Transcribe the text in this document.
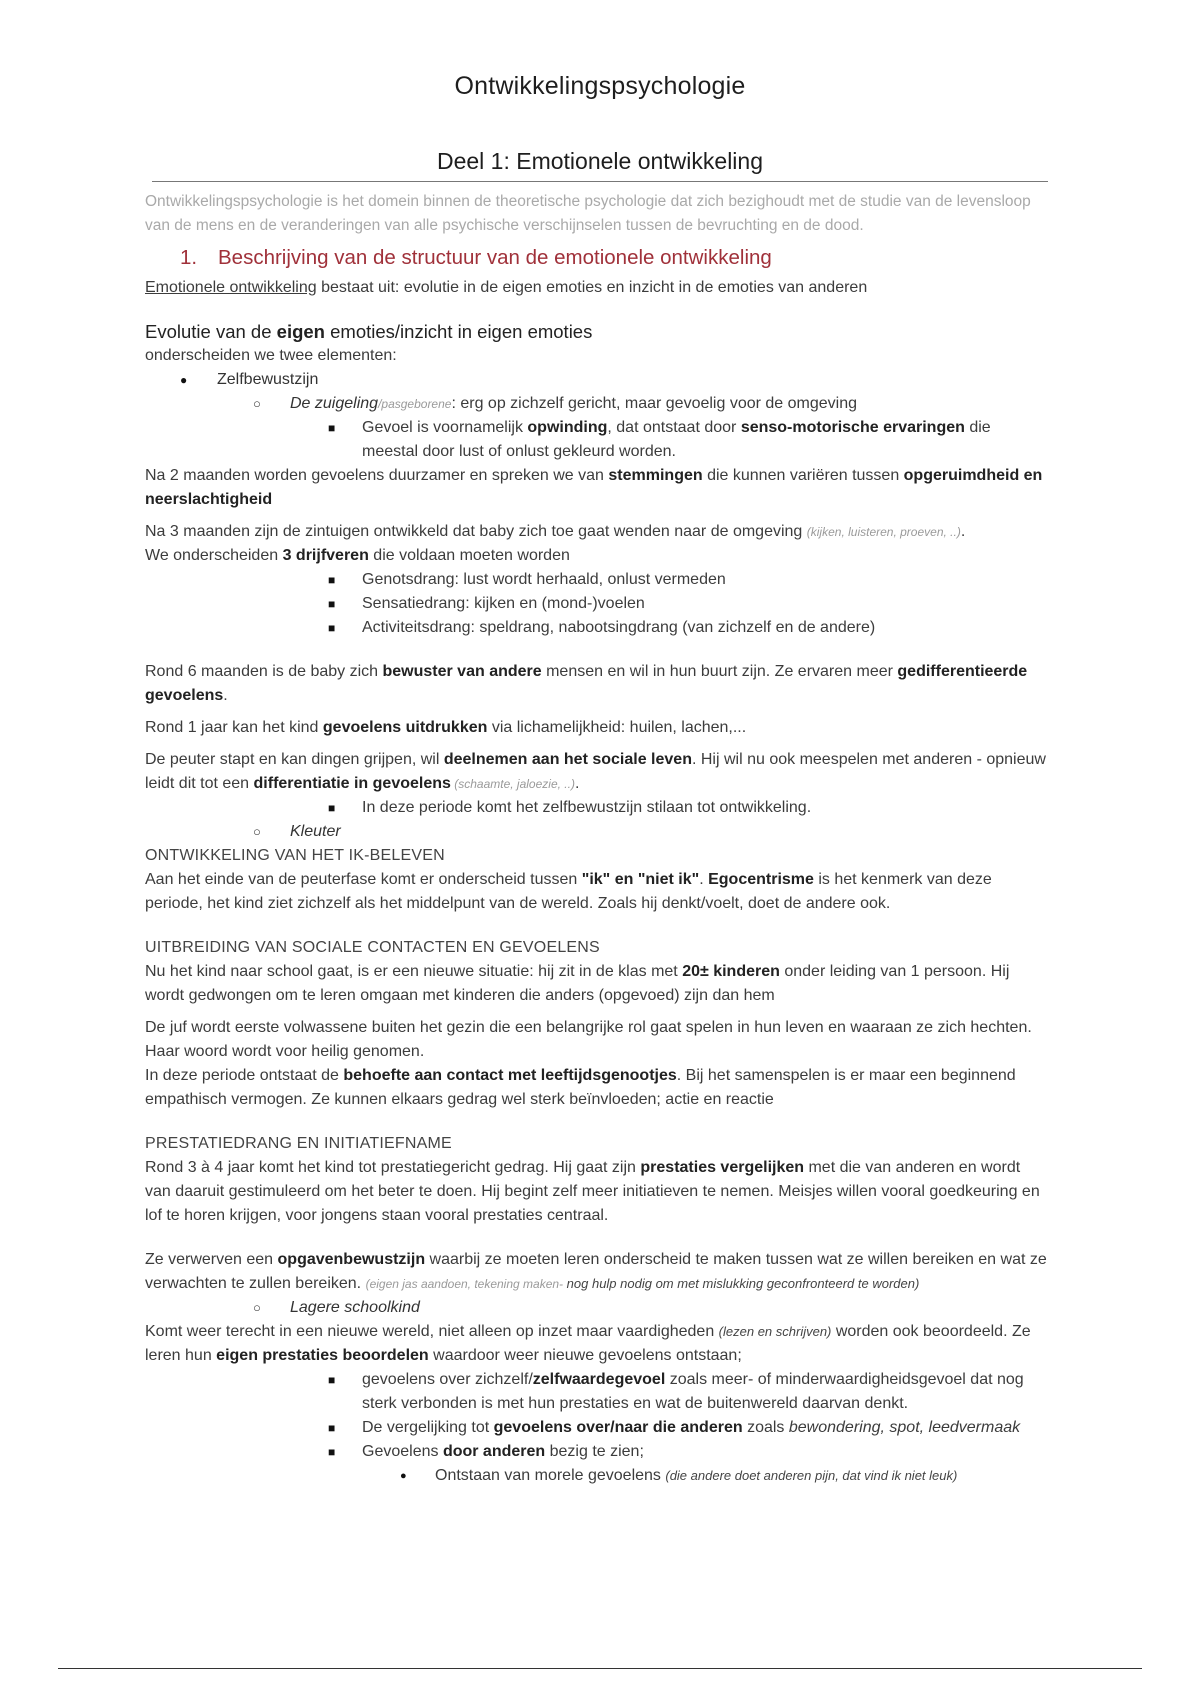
Ontwikkelingspsychologie
Deel 1: Emotionele ontwikkeling

Ontwikkelingspsychologie is het domein binnen de theoretische psychologie dat zich bezighoudt met de studie van de levensloop van de mens en de veranderingen van alle psychische verschijnselen tussen de bevruchting en de dood.

1.	Beschrijving van de structuur van de emotionele ontwikkeling

Emotionele ontwikkeling bestaat uit: evolutie in de eigen emoties en inzicht in de emoties van anderen

Evolutie van de eigen emoties/inzicht in eigen emoties

onderscheiden we twee elementen:

● Zelfbewustzijn
○ De zuigeling/pasgeborene: erg op zichzelf gericht, maar gevoelig voor de omgeving
■ Gevoel is voornamelijk opwinding, dat ontstaat door senso-motorische ervaringen die meestal door lust of onlust gekleurd worden.

Na 2 maanden worden gevoelens duurzamer en spreken we van stemmingen die kunnen variëren tussen opgeruimdheid en neerslachtigheid

Na 3 maanden zijn de zintuigen ontwikkeld dat baby zich toe gaat wenden naar de omgeving (kijken, luisteren, proeven, ..).

We onderscheiden 3 drijfveren die voldaan moeten worden

■ Genotsdrang: lust wordt herhaald, onlust vermeden
■ Sensatiedrang: kijken en (mond-)voelen
■ Activiteitsdrang: speldrang, nabootsingdrang (van zichzelf en de andere)

Rond 6 maanden is de baby zich bewuster van andere mensen en wil in hun buurt zijn. Ze ervaren meer gedifferentieerde gevoelens.

Rond 1 jaar kan het kind gevoelens uitdrukken via lichamelijkheid: huilen, lachen,...

De peuter stapt en kan dingen grijpen, wil deelnemen aan het sociale leven. Hij wil nu ook meespelen met anderen - opnieuw leidt dit tot een differentiatie in gevoelens (schaamte, jaloezie, ..).

■ In deze periode komt het zelfbewustzijn stilaan tot ontwikkeling.
○ Kleuter

ONTWIKKELING VAN HET IK-BELEVEN

Aan het einde van de peuterfase komt er onderscheid tussen "ik" en "niet ik". Egocentrisme is het kenmerk van deze periode, het kind ziet zichzelf als het middelpunt van de wereld. Zoals hij denkt/voelt, doet de andere ook.

UITBREIDING VAN SOCIALE CONTACTEN EN GEVOELENS

Nu het kind naar school gaat, is er een nieuwe situatie: hij zit in de klas met 20± kinderen onder leiding van 1 persoon. Hij wordt gedwongen om te leren omgaan met kinderen die anders (opgevoed) zijn dan hem

De juf wordt eerste volwassene buiten het gezin die een belangrijke rol gaat spelen in hun leven en waaraan ze zich hechten. Haar woord wordt voor heilig genomen.

In deze periode ontstaat de behoefte aan contact met leeftijdsgenootjes. Bij het samenspelen is er maar een beginnend empathisch vermogen. Ze kunnen elkaars gedrag wel sterk beïnvloeden; actie en reactie

PRESTATIEDRANG EN INITIATIEFNAME

Rond 3 à 4 jaar komt het kind tot prestatiegericht gedrag. Hij gaat zijn prestaties vergelijken met die van anderen en wordt van daaruit gestimuleerd om het beter te doen. Hij begint zelf meer initiatieven te nemen. Meisjes willen vooral goedkeuring en lof te horen krijgen, voor jongens staan vooral prestaties centraal.

Ze verwerven een opgavenbewustzijn waarbij ze moeten leren onderscheid te maken tussen wat ze willen bereiken en wat ze verwachten te zullen bereiken. (eigen jas aandoen, tekening maken- nog hulp nodig om met mislukking geconfronteerd te worden)

○ Lagere schoolkind

Komt weer terecht in een nieuwe wereld, niet alleen op inzet maar vaardigheden (lezen en schrijven) worden ook beoordeeld. Ze leren hun eigen prestaties beoordelen waardoor weer nieuwe gevoelens ontstaan;

■ gevoelens over zichzelf/zelfwaardegevoel zoals meer- of minderwaardigheidsgevoel dat nog sterk verbonden is met hun prestaties en wat de buitenwereld daarvan denkt.
■ De vergelijking tot gevoelens over/naar die anderen zoals bewondering, spot, leedvermaak
■ Gevoelens door anderen bezig te zien;
● Ontstaan van morele gevoelens (die andere doet anderen pijn, dat vind ik niet leuk)
